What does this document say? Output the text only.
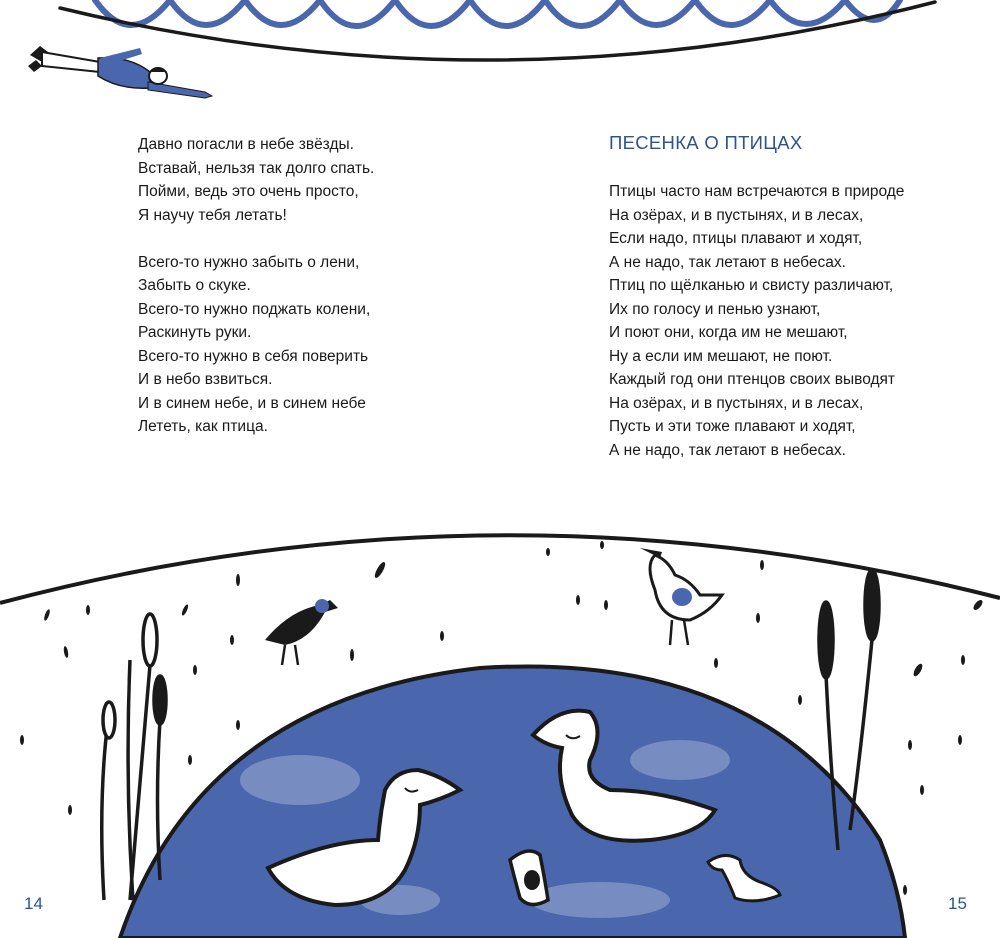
Давно погасли в небе звёзды.
Вставай, нельзя так долго спать.
Пойми, ведь это очень просто,
Я научу тебя летать!
Всего-то нужно забыть о лени,
Забыть о скуке.
Всего-то нужно поджать колени,
Раскинуть руки.
Всего-то нужно в себя поверить
И в небо взвиться.
И в синем небе, и в синем небе
Лететь, как птица.
ПЕСЕНКА О ПТИЦАХ
Птицы часто нам встречаются в природе
На озёрах, и в пустынях, и в лесах,
Если надо, птицы плавают и ходят,
А не надо, так летают в небесах.
Птиц по щёлканью и свисту различают,
Их по голосу и пенью узнают,
И поют они, когда им не мешают,
Ну а если им мешают, не поют.
Каждый год они птенцов своих выводят
На озёрах, и в пустынях, и в лесах,
Пусть и эти тоже плавают и ходят,
А не надо, так летают в небесах.
14	15
